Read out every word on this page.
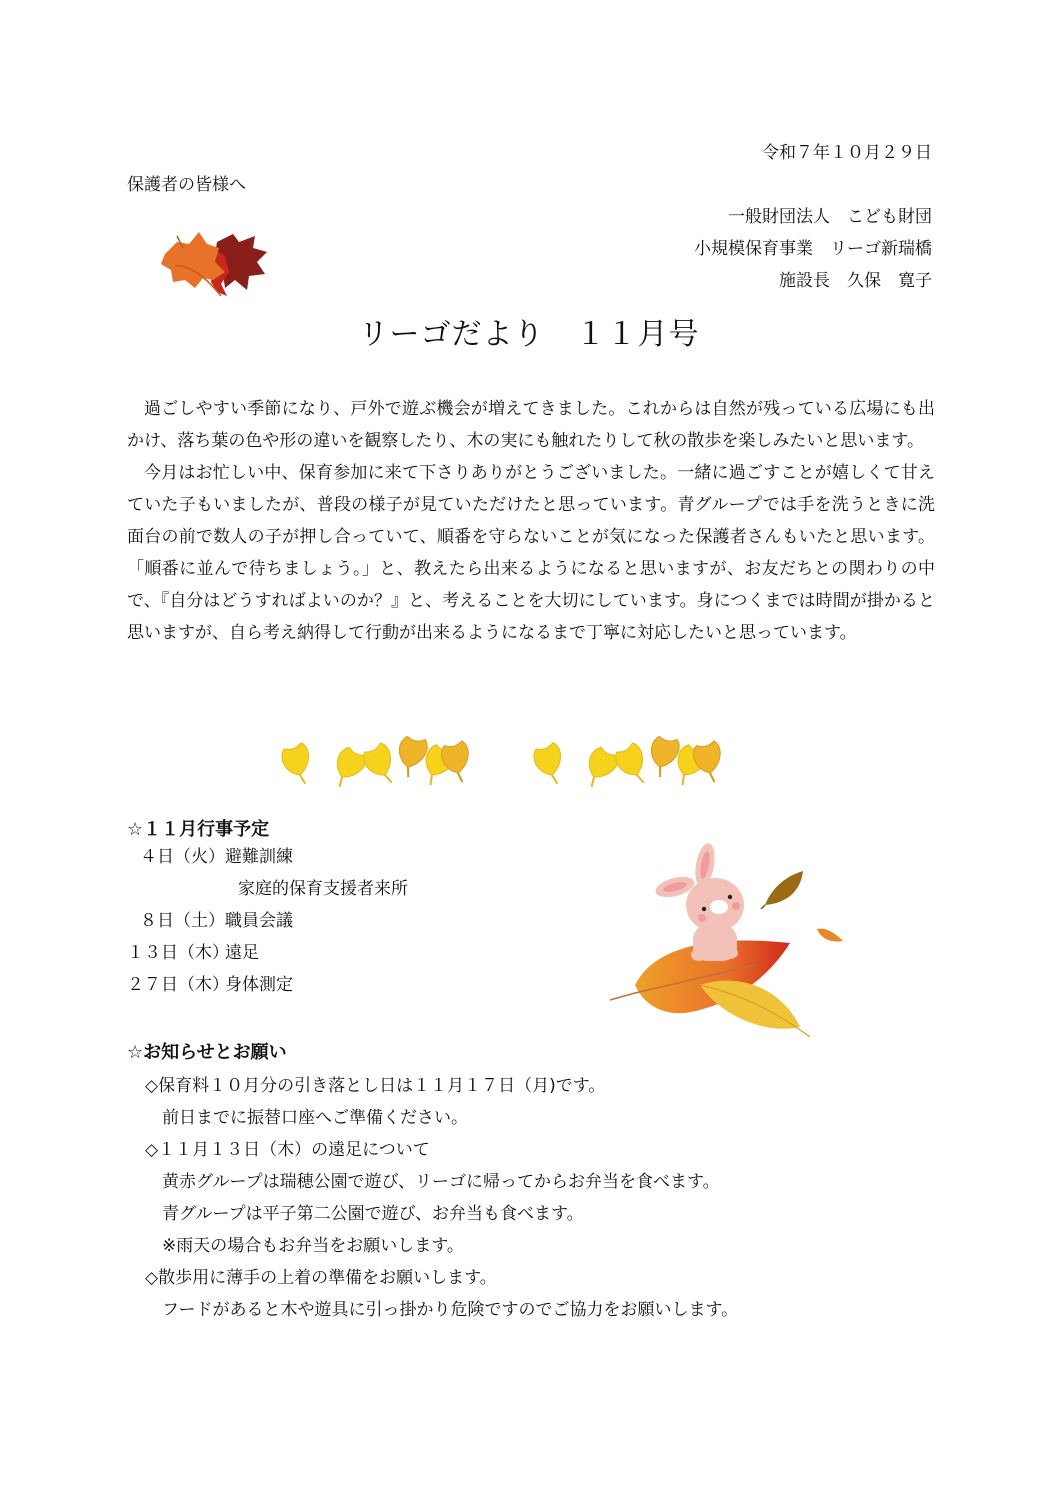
令和７年１０月２９日
保護者の皆様へ
一般財団法人　こども財団
小規模保育事業　リーゴ新瑞橋
施設長　久保　寛子
リーゴだより　１１月号

過ごしやすい季節になり、戸外で遊ぶ機会が増えてきました。これからは自然が残っている広場にも出かけ、落ち葉の色や形の違いを観察したり、木の実にも触れたりして秋の散歩を楽しみたいと思います。

今月はお忙しい中、保育参加に来て下さりありがとうございました。一緒に過ごすことが嬉しくて甘えていた子もいましたが、普段の様子が見ていただけたと思っています。青グループでは手を洗うときに洗面台の前で数人の子が押し合っていて、順番を守らないことが気になった保護者さんもいたと思います。「順番に並んで待ちましょう。」と、教えたら出来るようになると思いますが、お友だちとの関わりの中で、『自分はどうすればよいのか？』と、考えることを大切にしています。身につくまでは時間が掛かると思いますが、自ら考え納得して行動が出来るようになるまで丁寧に対応したいと思っています。

☆１１月行事予定
４日（火）避難訓練
家庭的保育支援者来所
８日（土）職員会議
１３日（木）遠足
２７日（木）身体測定
☆お知らせとお願い
◇保育料１０月分の引き落とし日は１１月１７日（月)です。
前日までに振替口座へご準備ください。
◇１１月１３日（木）の遠足について
黄赤グループは瑞穂公園で遊び、リーゴに帰ってからお弁当を食べます。
青グループは平子第二公園で遊び、お弁当も食べます。
※雨天の場合もお弁当をお願いします。
◇散歩用に薄手の上着の準備をお願いします。
フードがあると木や遊具に引っ掛かり危険ですのでご協力をお願いします。
